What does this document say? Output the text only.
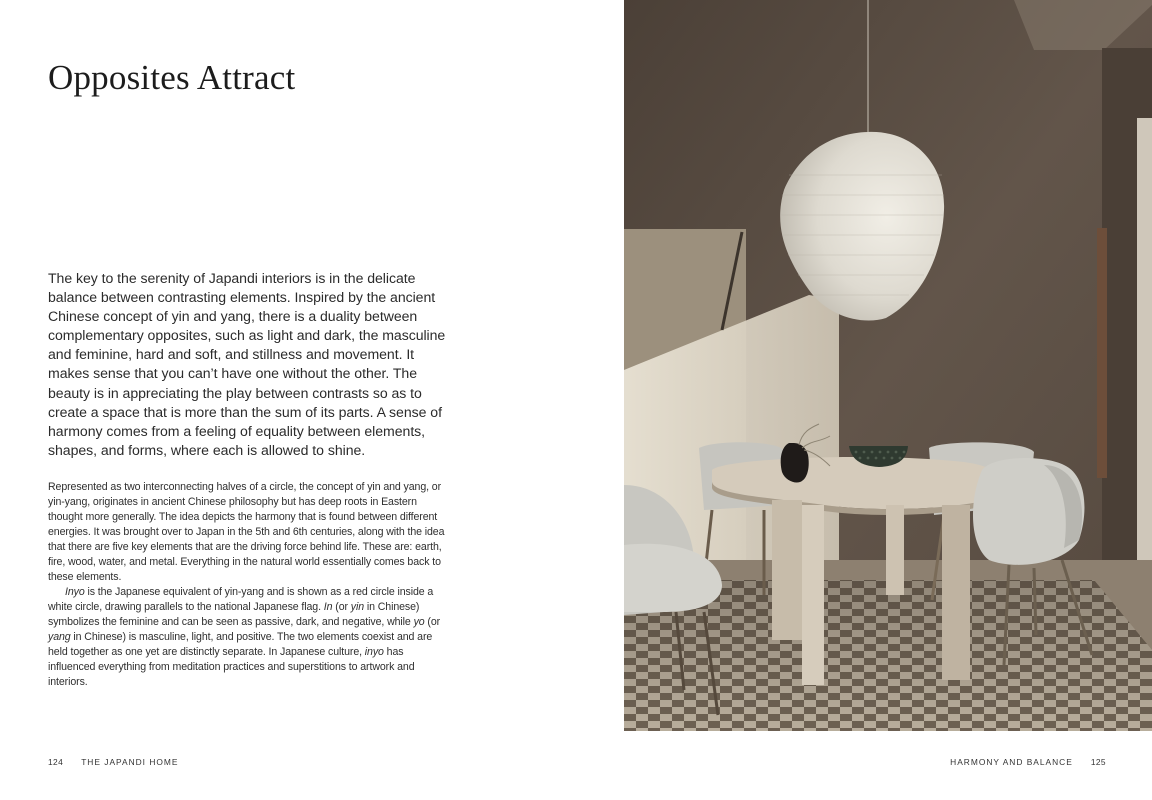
Opposites Attract

The key to the serenity of Japandi interiors is in the delicate balance between contrasting elements. Inspired by the ancient Chinese concept of yin and yang, there is a duality between complementary opposites, such as light and dark, the masculine and feminine, hard and soft, and stillness and movement. It makes sense that you can’t have one without the other. The beauty is in appreciating the play between contrasts so as to create a space that is more than the sum of its parts. A sense of harmony comes from a feeling of equality between elements, shapes, and forms, where each is allowed to shine.

Represented as two interconnecting halves of a circle, the concept of yin and yang, or yin-yang, originates in ancient Chinese philosophy but has deep roots in Eastern thought more generally. The idea depicts the harmony that is found between different energies. It was brought over to Japan in the 5th and 6th centuries, along with the idea that there are five key elements that are the driving force behind life. These are: earth, fire, wood, water, and metal. Everything in the natural world essentially comes back to these elements.

Inyo is the Japanese equivalent of yin-yang and is shown as a red circle inside a white circle, drawing parallels to the national Japanese flag. In (or yin in Chinese) symbolizes the feminine and can be seen as passive, dark, and negative, while yo (or yang in Chinese) is masculine, light, and positive. The two elements coexist and are held together as one yet are distinctly separate. In Japanese culture, inyo has influenced everything from meditation practices and superstitions to artwork and interiors.

124 THE JAPANDI HOME	HARMONY AND BALANCE 125
